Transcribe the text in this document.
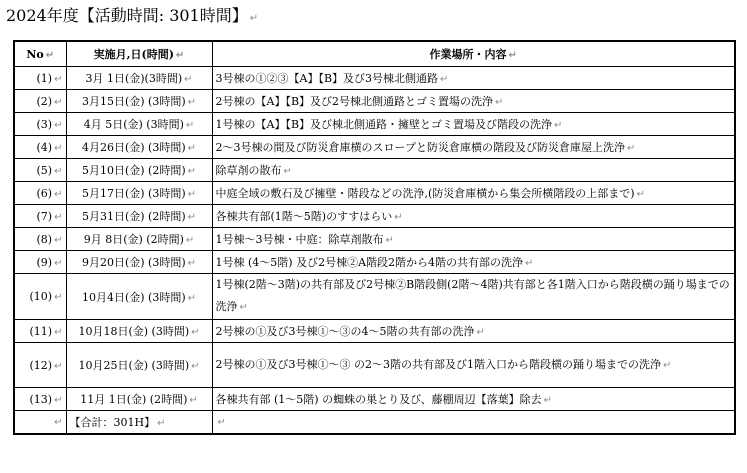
2024年度【活動時間: 301時間】 ↵
No ↵	実施月,日(時間) ↵	作業場所・内容 ↵
(1) ↵	3月 1日(金)(3時間) ↵	3号棟の①②③【A】【B】及び3号棟北側通路 ↵
(2) ↵	3月15日(金) (3時間) ↵	2号棟の【A】【B】及び2号棟北側通路とゴミ置場の洗浄 ↵
(3) ↵	4月 5日(金) (3時間) ↵	1号棟の【A】【B】及び棟北側通路・擁壁とゴミ置場及び階段の洗浄 ↵
(4) ↵	4月26日(金) (3時間) ↵	2～3号棟の間及び防災倉庫横のスロープと防災倉庫横の階段及び防災倉庫屋上洗浄 ↵
(5) ↵	5月10日(金) (2時間) ↵	除草剤の散布 ↵
(6) ↵	5月17日(金) (3時間) ↵	中庭全域の敷石及び擁壁・階段などの洗浄,(防災倉庫横から集会所横階段の上部まで) ↵
(7) ↵	5月31日(金) (2時間) ↵	各棟共有部(1階～5階)のすすはらい ↵
(8) ↵	9月 8日(金) (2時間) ↵	1号棟～3号棟・中庭：除草剤散布 ↵
(9) ↵	9月20日(金) (3時間) ↵	1号棟 (4～5階) 及び2号棟②A階段2階から4階の共有部の洗浄 ↵
(10) ↵	10月4日(金) (3時間) ↵	1号棟(2階～3階)の共有部及び2号棟②B階段側(2階～4階)共有部と各1階入口から階段横の踊り場までの洗浄 ↵
(11) ↵	10月18日(金) (3時間) ↵	2号棟の①及び3号棟①～③の4～5階の共有部の洗浄 ↵
(12) ↵	10月25日(金) (3時間) ↵	2号棟の①及び3号棟①～③ の2～3階の共有部及び1階入口から階段横の踊り場までの洗浄 ↵
(13) ↵	11月 1日(金) (2時間) ↵	各棟共有部 (1～5階) の蜘蛛の巣とり及び、藤棚周辺【落葉】除去 ↵
↵	【合計：301H】 ↵	↵
